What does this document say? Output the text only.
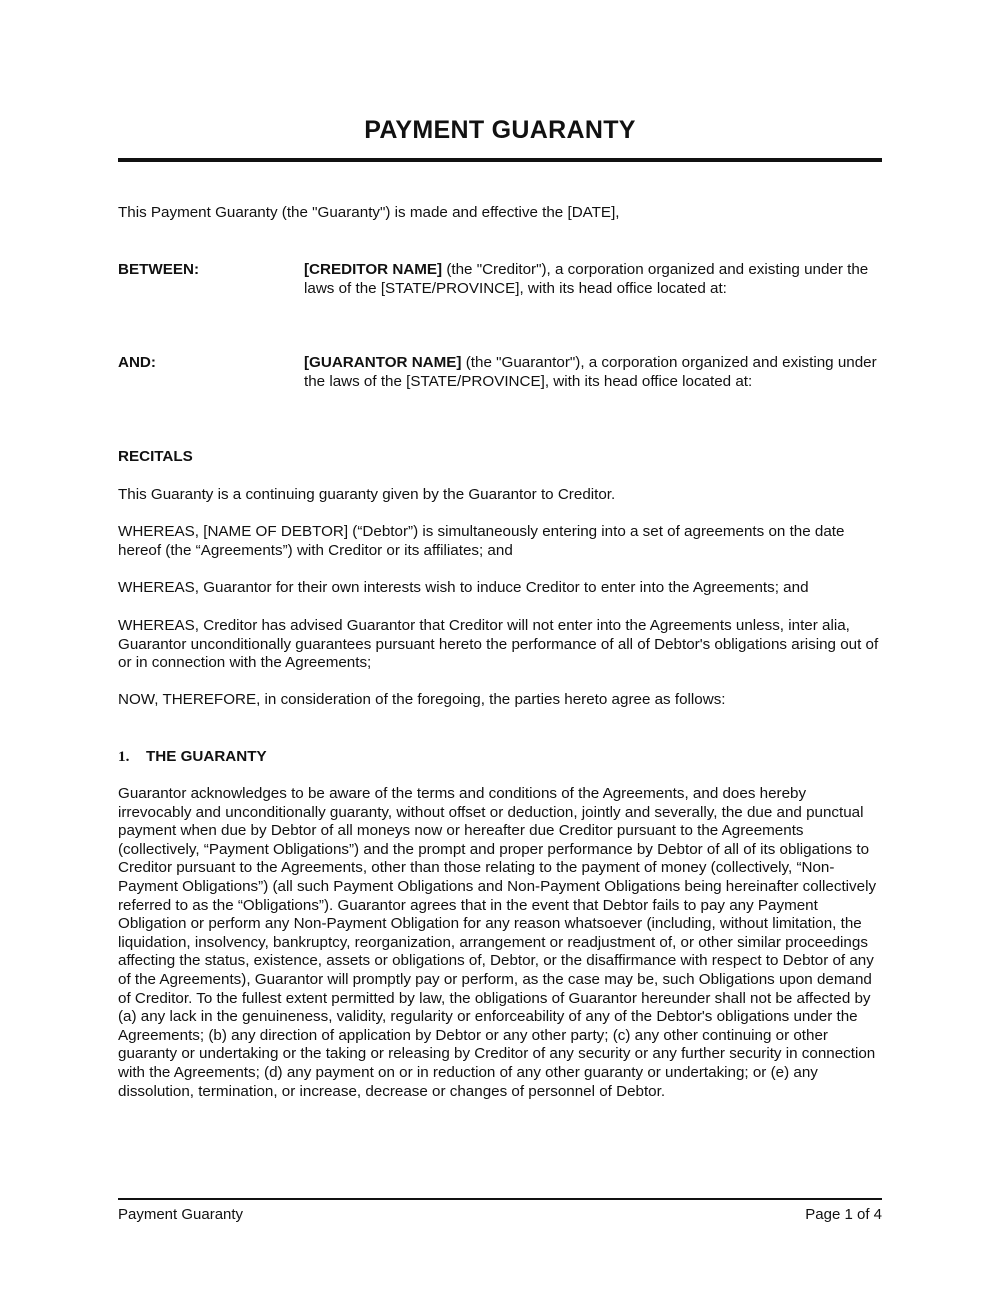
PAYMENT GUARANTY

This Payment Guaranty (the "Guaranty") is made and effective the [DATE],

BETWEEN:	[CREDITOR NAME] (the "Creditor"), a corporation organized and existing under the laws of the [STATE/PROVINCE], with its head office located at:
AND:	[GUARANTOR NAME] (the "Guarantor"), a corporation organized and existing under the laws of the [STATE/PROVINCE], with its head office located at:
RECITALS

This Guaranty is a continuing guaranty given by the Guarantor to Creditor.

WHEREAS, [NAME OF DEBTOR] (“Debtor”) is simultaneously entering into a set of agreements on the date hereof (the “Agreements”) with Creditor or its affiliates; and

WHEREAS, Guarantor for their own interests wish to induce Creditor to enter into the Agreements; and

WHEREAS, Creditor has advised Guarantor that Creditor will not enter into the Agreements unless, inter alia, Guarantor unconditionally guarantees pursuant hereto the performance of all of Debtor's obligations arising out of or in connection with the Agreements;

NOW, THEREFORE, in consideration of the foregoing, the parties hereto agree as follows:

1. THE GUARANTY

Guarantor acknowledges to be aware of the terms and conditions of the Agreements, and does hereby irrevocably and unconditionally guaranty, without offset or deduction, jointly and severally, the due and punctual payment when due by Debtor of all moneys now or hereafter due Creditor pursuant to the Agreements (collectively, “Payment Obligations”) and the prompt and proper performance by Debtor of all of its obligations to Creditor pursuant to the Agreements, other than those relating to the payment of money (collectively, “Non-Payment Obligations”) (all such Payment Obligations and Non-Payment Obligations being hereinafter collectively referred to as the “Obligations”). Guarantor agrees that in the event that Debtor fails to pay any Payment Obligation or perform any Non-Payment Obligation for any reason whatsoever (including, without limitation, the liquidation, insolvency, bankruptcy, reorganization, arrangement or readjustment of, or other similar proceedings affecting the status, existence, assets or obligations of, Debtor, or the disaffirmance with respect to Debtor of any of the Agreements), Guarantor will promptly pay or perform, as the case may be, such Obligations upon demand of Creditor. To the fullest extent permitted by law, the obligations of Guarantor hereunder shall not be affected by (a) any lack in the genuineness, validity, regularity or enforceability of any of the Debtor's obligations under the Agreements; (b) any direction of application by Debtor or any other party; (c) any other continuing or other guaranty or undertaking or the taking or releasing by Creditor of any security or any further security in connection with the Agreements; (d) any payment on or in reduction of any other guaranty or undertaking; or (e) any dissolution, termination, or increase, decrease or changes of personnel of Debtor.

Payment Guaranty	Page 1 of 4
